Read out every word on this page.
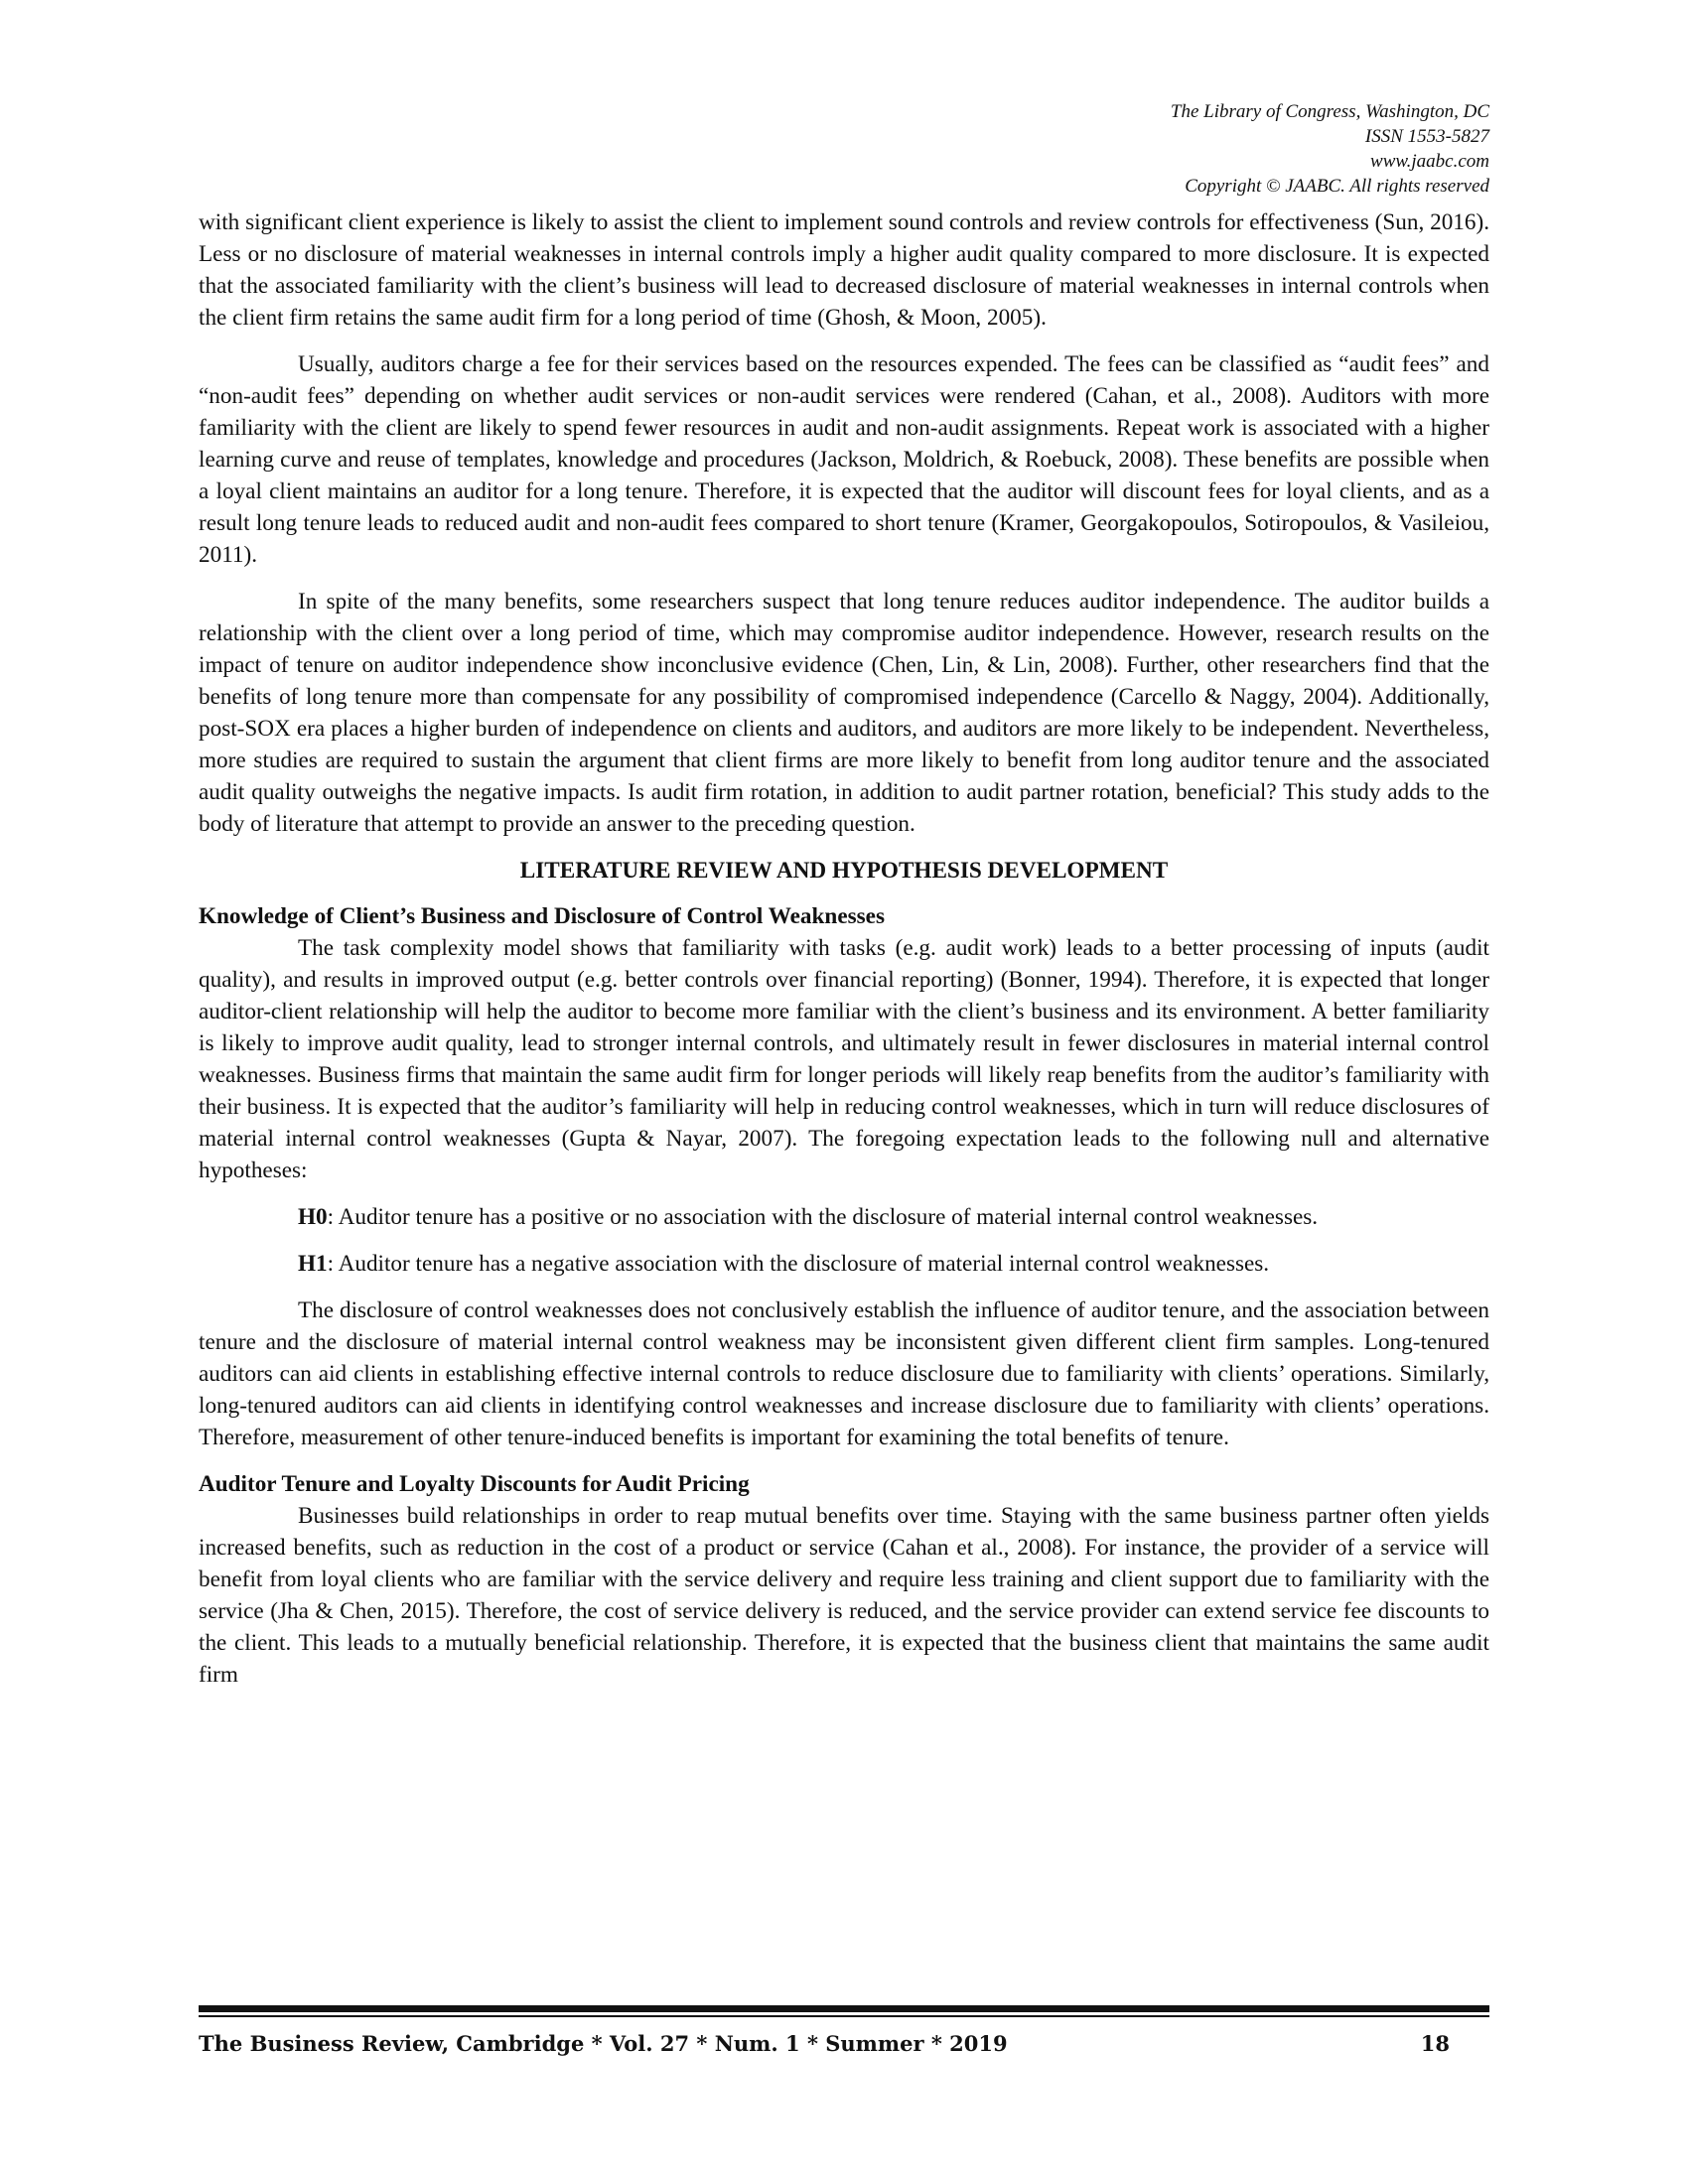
The Library of Congress, Washington, DC
ISSN 1553-5827
www.jaabc.com
Copyright © JAABC. All rights reserved

with significant client experience is likely to assist the client to implement sound controls and review controls for effectiveness (Sun, 2016). Less or no disclosure of material weaknesses in internal controls imply a higher audit quality compared to more disclosure. It is expected that the associated familiarity with the client’s business will lead to decreased disclosure of material weaknesses in internal controls when the client firm retains the same audit firm for a long period of time (Ghosh, & Moon, 2005).

Usually, auditors charge a fee for their services based on the resources expended. The fees can be classified as “audit fees” and “non-audit fees” depending on whether audit services or non-audit services were rendered (Cahan, et al., 2008). Auditors with more familiarity with the client are likely to spend fewer resources in audit and non-audit assignments. Repeat work is associated with a higher learning curve and reuse of templates, knowledge and procedures (Jackson, Moldrich, & Roebuck, 2008). These benefits are possible when a loyal client maintains an auditor for a long tenure. Therefore, it is expected that the auditor will discount fees for loyal clients, and as a result long tenure leads to reduced audit and non-audit fees compared to short tenure (Kramer, Georgakopoulos, Sotiropoulos, & Vasileiou, 2011).

In spite of the many benefits, some researchers suspect that long tenure reduces auditor independence. The auditor builds a relationship with the client over a long period of time, which may compromise auditor independence. However, research results on the impact of tenure on auditor independence show inconclusive evidence (Chen, Lin, & Lin, 2008). Further, other researchers find that the benefits of long tenure more than compensate for any possibility of compromised independence (Carcello & Naggy, 2004). Additionally, post-SOX era places a higher burden of independence on clients and auditors, and auditors are more likely to be independent. Nevertheless, more studies are required to sustain the argument that client firms are more likely to benefit from long auditor tenure and the associated audit quality outweighs the negative impacts. Is audit firm rotation, in addition to audit partner rotation, beneficial? This study adds to the body of literature that attempt to provide an answer to the preceding question.

LITERATURE REVIEW AND HYPOTHESIS DEVELOPMENT

Knowledge of Client’s Business and Disclosure of Control Weaknesses

The task complexity model shows that familiarity with tasks (e.g. audit work) leads to a better processing of inputs (audit quality), and results in improved output (e.g. better controls over financial reporting) (Bonner, 1994). Therefore, it is expected that longer auditor-client relationship will help the auditor to become more familiar with the client’s business and its environment. A better familiarity is likely to improve audit quality, lead to stronger internal controls, and ultimately result in fewer disclosures in material internal control weaknesses. Business firms that maintain the same audit firm for longer periods will likely reap benefits from the auditor’s familiarity with their business. It is expected that the auditor’s familiarity will help in reducing control weaknesses, which in turn will reduce disclosures of material internal control weaknesses (Gupta & Nayar, 2007). The foregoing expectation leads to the following null and alternative hypotheses:

H0: Auditor tenure has a positive or no association with the disclosure of material internal control weaknesses.

H1: Auditor tenure has a negative association with the disclosure of material internal control weaknesses.

The disclosure of control weaknesses does not conclusively establish the influence of auditor tenure, and the association between tenure and the disclosure of material internal control weakness may be inconsistent given different client firm samples. Long-tenured auditors can aid clients in establishing effective internal controls to reduce disclosure due to familiarity with clients’ operations. Similarly, long-tenured auditors can aid clients in identifying control weaknesses and increase disclosure due to familiarity with clients’ operations. Therefore, measurement of other tenure-induced benefits is important for examining the total benefits of tenure.

Auditor Tenure and Loyalty Discounts for Audit Pricing

Businesses build relationships in order to reap mutual benefits over time. Staying with the same business partner often yields increased benefits, such as reduction in the cost of a product or service (Cahan et al., 2008). For instance, the provider of a service will benefit from loyal clients who are familiar with the service delivery and require less training and client support due to familiarity with the service (Jha & Chen, 2015). Therefore, the cost of service delivery is reduced, and the service provider can extend service fee discounts to the client. This leads to a mutually beneficial relationship. Therefore, it is expected that the business client that maintains the same audit firm

The Business Review, Cambridge * Vol. 27 * Num. 1 * Summer * 2019	18
